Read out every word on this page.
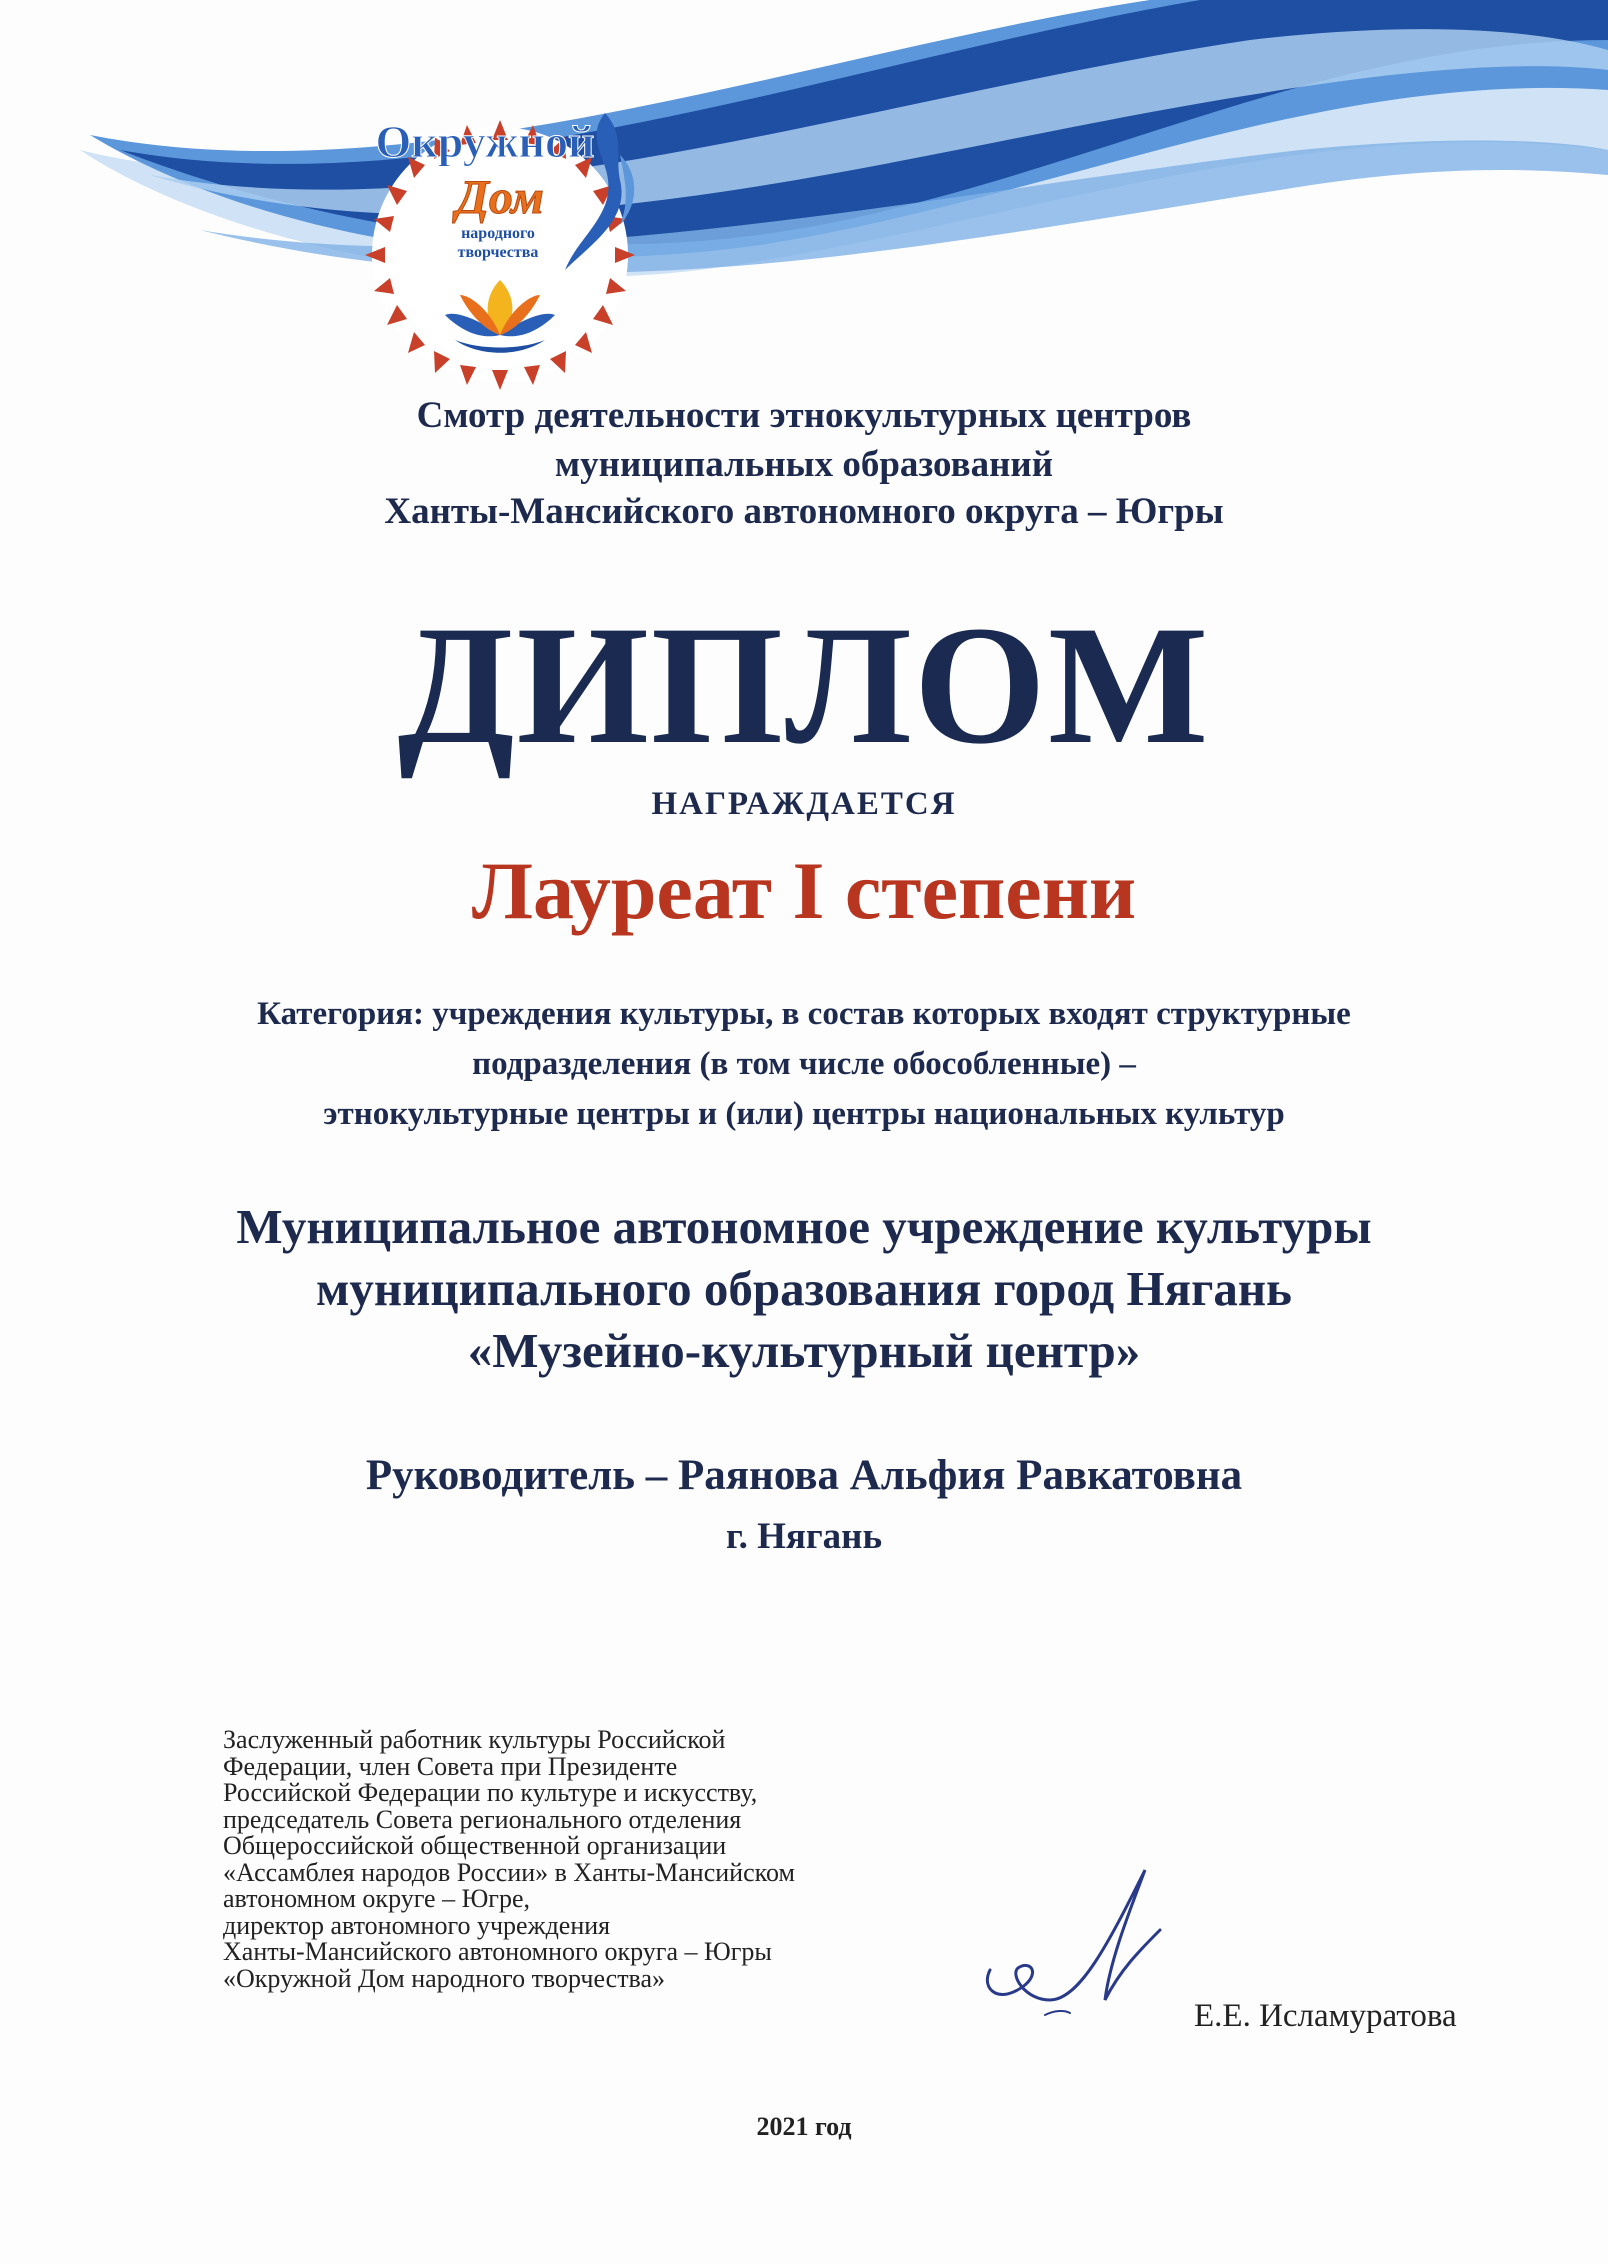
Окружной
Дом
народного
творчества
Смотр деятельности этнокультурных центров
муниципальных образований
Ханты-Мансийского автономного округа – Югры
ДИПЛОМ
НАГРАЖДАЕТСЯ
Лауреат I степени
Категория: учреждения культуры, в состав которых входят структурные
подразделения (в том числе обособленные) –
этнокультурные центры и (или) центры национальных культур
Муниципальное автономное учреждение культуры
муниципального образования город Нягань
«Музейно-культурный центр»
Руководитель – Раянова Альфия Равкатовна
г. Нягань
Заслуженный работник культуры Российской
Федерации, член Совета при Президенте
Российской Федерации по культуре и искусству,
председатель Совета регионального отделения
Общероссийской общественной организации
«Ассамблея народов России» в Ханты-Мансийском
автономном округе – Югре,
директор автономного учреждения
Ханты-Мансийского автономного округа – Югры
«Окружной Дом народного творчества»
Е.Е. Исламуратова
2021 год
